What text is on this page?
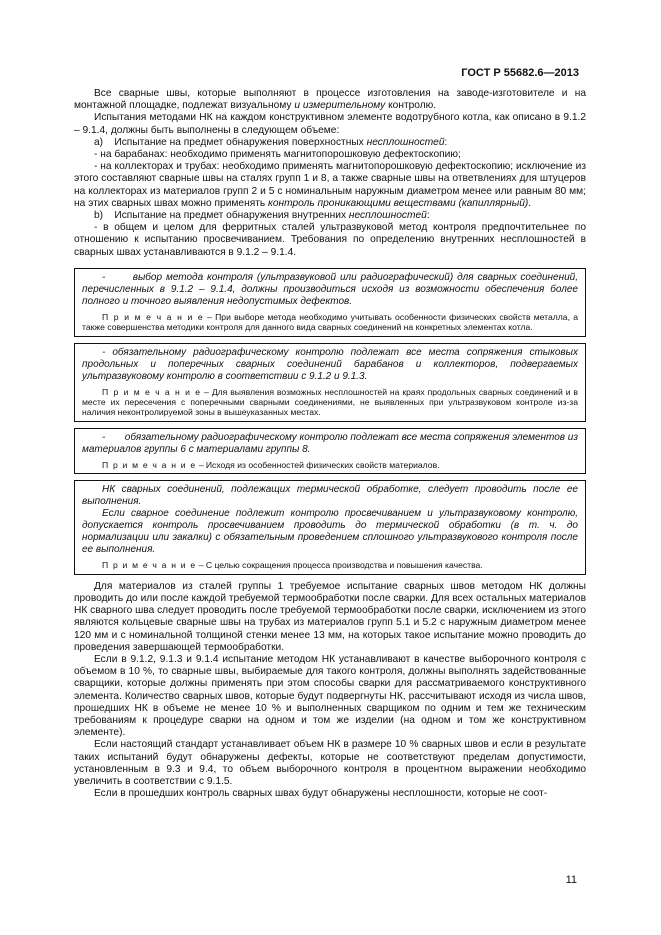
ГОСТ Р 55682.6—2013

Все сварные швы, которые выполняют в процессе изготовления на заводе-изготовителе и на монтажной площадке, подлежат визуальному и измерительному контролю.

Испытания методами НК на каждом конструктивном элементе водотрубного котла, как описано в 9.1.2 – 9.1.4, должны быть выполнены в следующем объеме:

a)    Испытание на предмет обнаружения поверхностных несплошностей:

- на барабанах: необходимо применять магнитопорошковую дефектоскопию;

- на коллекторах и трубах: необходимо применять магнитопорошковую дефектоскопию; исключение из этого составляют сварные швы на сталях групп 1 и 8, а также сварные швы на ответвлениях для штуцеров на коллекторах из материалов групп 2 и 5 с номинальным наружным диаметром менее или равным 80 мм; на этих сварных швах можно применять контроль проникающими веществами (капиллярный).

b)    Испытание на предмет обнаружения внутренних несплошностей:

- в общем и целом для ферритных сталей ультразвуковой метод контроля предпочтительнее по отношению к испытанию просвечиванием. Требования по определению внутренних несплошностей в сварных швах устанавливаются в 9.1.2 – 9.1.4.

-       выбор метода контроля (ультразвуковой или радиографический) для сварных соединений, перечисленных в 9.1.2 – 9.1.4, должны производиться исходя из возможности обеспечения более полного и точного выявления недопустимых дефектов.

П р и м е ч а н и е – При выборе метода необходимо учитывать особенности физических свойств металла, а также совершенства методики контроля для данного вида сварных соединений на конкретных элементах котла.

- обязательному радиографическому контролю подлежат все места сопряжения стыковых продольных и поперечных сварных соединений барабанов и коллекторов, подвергаемых ультразвуковому контролю в соответствии с 9.1.2 и 9.1.3.

П р и м е ч а н и е – Для выявления возможных несплошностей на краях продольных сварных соединений и в месте их пересечения с поперечными сварными соединениями, не выявленных при ультразвуковом контроле из-за наличия неконтролируемой зоны в вышеуказанных местах.

-       обязательному радиографическому контролю подлежат все места сопряжения элементов из материалов группы 6 с материалами группы 8.

П р и м е ч а н и е – Исходя из особенностей физических свойств материалов.

НК сварных соединений, подлежащих термической обработке, следует проводить после ее выполнения.

Если сварное соединение подлежит контролю просвечиванием и ультразвуковому контролю, допускается контроль просвечиванием проводить до термической обработки (в т. ч. до нормализации или закалки) с обязательным проведением сплошного ультразвукового контроля после ее выполнения.

П р и м е ч а н и е – С целью сокращения процесса производства и повышения качества.

Для материалов из сталей группы 1 требуемое испытание сварных швов методом НК должны проводить до или после каждой требуемой термообработки после сварки. Для всех остальных материалов НК сварного шва следует проводить после требуемой термообработки после сварки, исключением из этого являются кольцевые сварные швы на трубах из материалов групп 5.1 и 5.2 с наружным диаметром менее 120 мм и с номинальной толщиной стенки менее 13 мм, на которых такое испытание можно проводить до проведения завершающей термообработки.

Если в 9.1.2, 9.1.3 и 9.1.4 испытание методом НК устанавливают в качестве выборочного контроля с объемом в 10 %, то сварные швы, выбираемые для такого контроля, должны выполнять задействованные сварщики, которые должны применять при этом способы сварки для рассматриваемого конструктивного элемента. Количество сварных швов, которые будут подвергнуты НК, рассчитывают исходя из числа швов, прошедших НК в объеме не менее 10 % и выполненных сварщиком по одним и тем же техническим требованиям к процедуре сварки на одном и том же изделии (на одном и том же конструктивном элементе).

Если настоящий стандарт устанавливает объем НК в размере 10 % сварных швов и если в результате таких испытаний будут обнаружены дефекты, которые не соответствуют пределам допустимости, установленным в 9.3 и 9.4, то объем выборочного контроля в процентном выражении необходимо увеличить в соответствии с 9.1.5.

Если в прошедших контроль сварных швах будут обнаружены несплошности, которые не соот-

11
